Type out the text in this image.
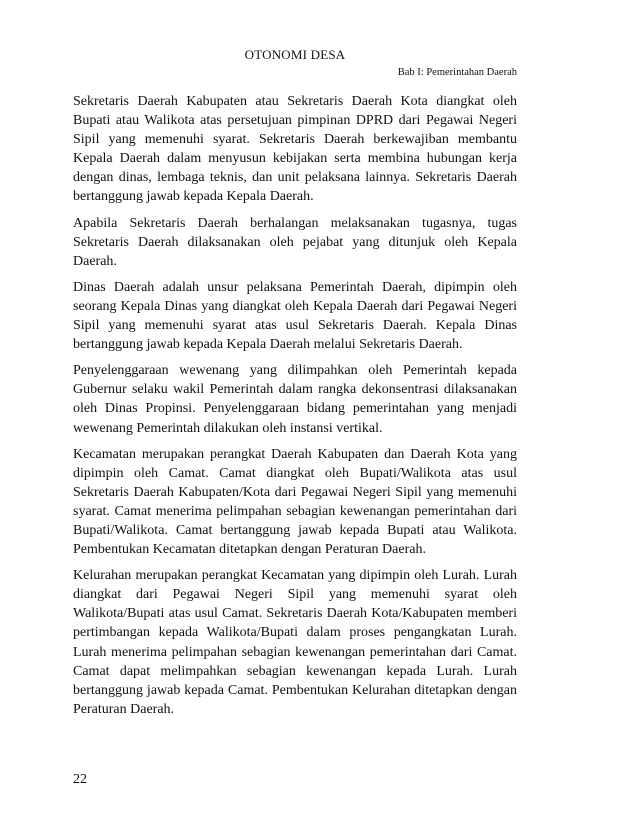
OTONOMI DESA
Bab I: Pemerintahan Daerah

Sekretaris Daerah Kabupaten atau Sekretaris Daerah Kota diangkat oleh Bupati atau Walikota atas persetujuan pimpinan DPRD dari Pegawai Negeri Sipil yang memenuhi syarat. Sekretaris Daerah berkewajiban membantu Kepala Daerah dalam menyusun kebijakan serta membina hubungan kerja dengan dinas, lembaga teknis, dan unit pelaksana lainnya. Sekretaris Daerah bertanggung jawab kepada Kepala Daerah.

Apabila Sekretaris Daerah berhalangan melaksanakan tugasnya, tugas Sekretaris Daerah dilaksanakan oleh pejabat yang ditunjuk oleh Kepala Daerah.

Dinas Daerah adalah unsur pelaksana Pemerintah Daerah, dipimpin oleh seorang Kepala Dinas yang diangkat oleh Kepala Daerah dari Pegawai Negeri Sipil yang memenuhi syarat atas usul Sekretaris Daerah. Kepala Dinas bertanggung jawab kepada Kepala Daerah melalui Sekretaris Daerah.

Penyelenggaraan wewenang yang dilimpahkan oleh Pemerintah kepada Gubernur selaku wakil Pemerintah dalam rangka dekonsentrasi dilaksanakan oleh Dinas Propinsi. Penyelenggaraan bidang pemerintahan yang menjadi wewenang Pemerintah dilakukan oleh instansi vertikal.

Kecamatan merupakan perangkat Daerah Kabupaten dan Daerah Kota yang dipimpin oleh Camat. Camat diangkat oleh Bupati/Walikota atas usul Sekretaris Daerah Kabupaten/Kota dari Pegawai Negeri Sipil yang memenuhi syarat. Camat menerima pelimpahan sebagian kewenangan pemerintahan dari Bupati/Walikota. Camat bertanggung jawab kepada Bupati atau Walikota. Pembentukan Kecamatan ditetapkan dengan Peraturan Daerah.

Kelurahan merupakan perangkat Kecamatan yang dipimpin oleh Lurah. Lurah diangkat dari Pegawai Negeri Sipil yang memenuhi syarat oleh Walikota/Bupati atas usul Camat. Sekretaris Daerah Kota/Kabupaten memberi pertimbangan kepada Walikota/Bupati dalam proses pengangkatan Lurah. Lurah menerima pelimpahan sebagian kewenangan pemerintahan dari Camat. Camat dapat melimpahkan sebagian kewenangan kepada Lurah. Lurah bertanggung jawab kepada Camat. Pembentukan Kelurahan ditetapkan dengan Peraturan Daerah.

22
